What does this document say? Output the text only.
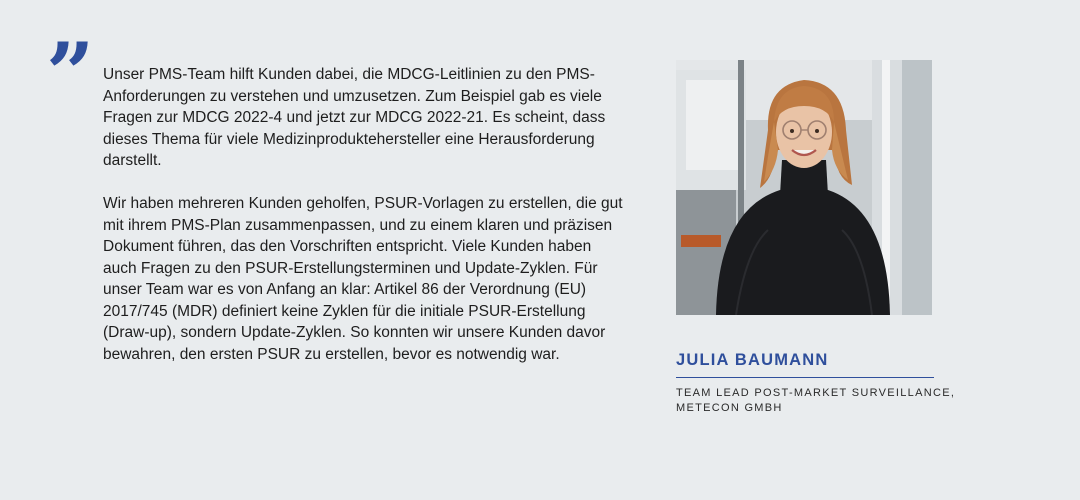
” Unser PMS-Team hilft Kunden dabei, die MDCG-Leitlinien zu den PMS-Anforderungen zu verstehen und umzusetzen. Zum Beispiel gab es viele Fragen zur MDCG 2022-4 und jetzt zur MDCG 2022-21. Es scheint, dass dieses Thema für viele Medizinproduktehersteller eine Herausforderung darstellt.

Wir haben mehreren Kunden geholfen, PSUR-Vorlagen zu erstellen, die gut mit ihrem PMS-Plan zusammenpassen, und zu einem klaren und präzisen Dokument führen, das den Vorschriften entspricht. Viele Kunden haben auch Fragen zu den PSUR-Erstellungsterminen und Update-Zyklen. Für unser Team war es von Anfang an klar: Artikel 86 der Verordnung (EU) 2017/745 (MDR) definiert keine Zyklen für die initiale PSUR-Erstellung (Draw-up), sondern Update-Zyklen. So konnten wir unsere Kunden davor bewahren, den ersten PSUR zu erstellen, bevor es notwendig war.	JULIA BAUMANN
TEAM LEAD POST-MARKET SURVEILLANCE,
METECON GMBH
